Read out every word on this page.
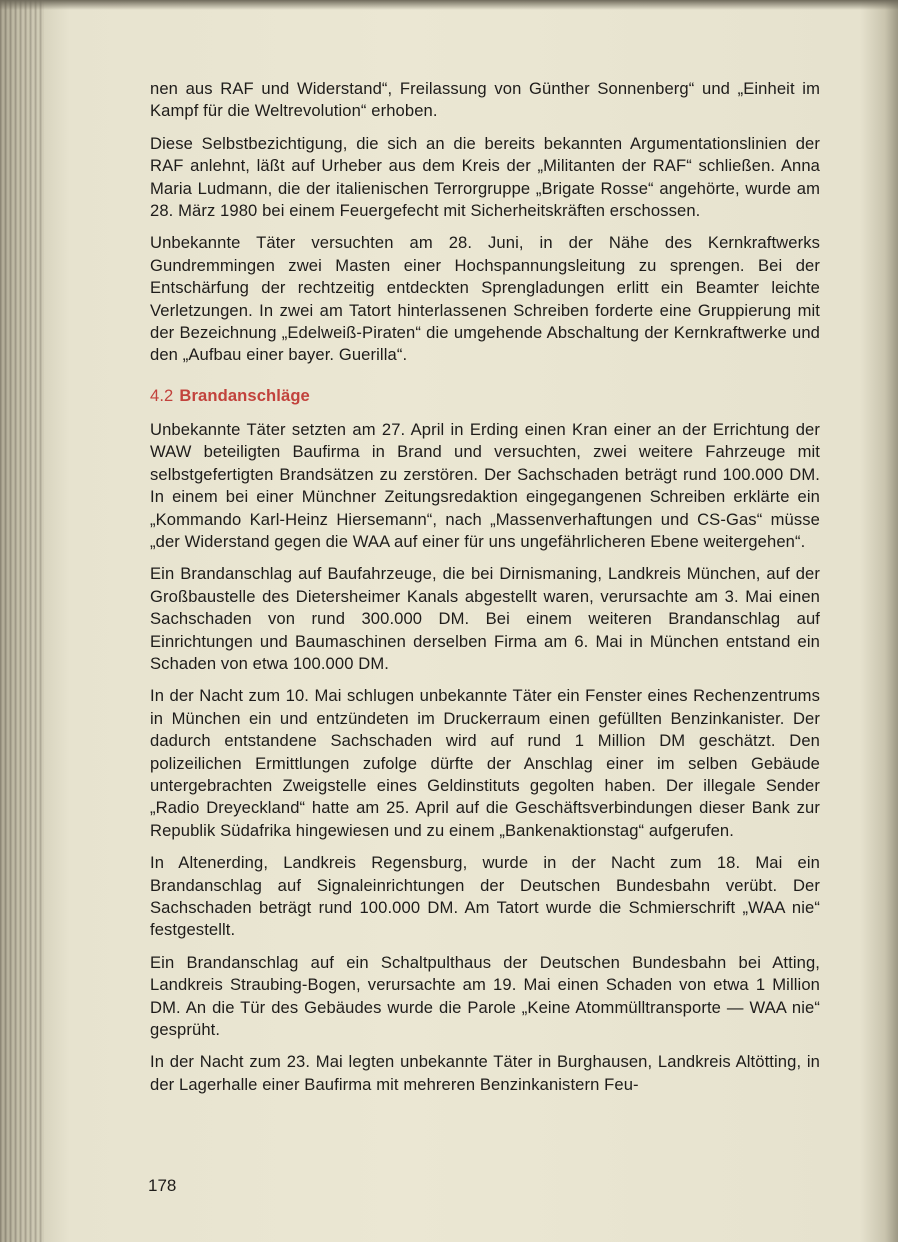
nen aus RAF und Widerstand“, Freilassung von Günther Sonnenberg“ und „Einheit im Kampf für die Weltrevolution“ erhoben.

Diese Selbstbezichtigung, die sich an die bereits bekannten Argumentationslinien der RAF anlehnt, läßt auf Urheber aus dem Kreis der „Militanten der RAF“ schließen. Anna Maria Ludmann, die der italienischen Terrorgruppe „Brigate Rosse“ angehörte, wurde am 28. März 1980 bei einem Feuergefecht mit Sicherheitskräften erschossen.

Unbekannte Täter versuchten am 28. Juni, in der Nähe des Kernkraftwerks Gundremmingen zwei Masten einer Hochspannungsleitung zu sprengen. Bei der Entschärfung der rechtzeitig entdeckten Sprengladungen erlitt ein Beamter leichte Verletzungen. In zwei am Tatort hinterlassenen Schreiben forderte eine Gruppierung mit der Bezeichnung „Edelweiß-Piraten“ die umgehende Abschaltung der Kernkraftwerke und den „Aufbau einer bayer. Guerilla“.

4.2 Brandanschläge

Unbekannte Täter setzten am 27. April in Erding einen Kran einer an der Errichtung der WAW beteiligten Baufirma in Brand und versuchten, zwei weitere Fahrzeuge mit selbstgefertigten Brandsätzen zu zerstören. Der Sachschaden beträgt rund 100.000 DM. In einem bei einer Münchner Zeitungsredaktion eingegangenen Schreiben erklärte ein „Kommando Karl-Heinz Hiersemann“, nach „Massenverhaftungen und CS-Gas“ müsse „der Widerstand gegen die WAA auf einer für uns ungefährlicheren Ebene weitergehen“.

Ein Brandanschlag auf Baufahrzeuge, die bei Dirnismaning, Landkreis München, auf der Großbaustelle des Dietersheimer Kanals abgestellt waren, verursachte am 3. Mai einen Sachschaden von rund 300.000 DM. Bei einem weiteren Brandanschlag auf Einrichtungen und Baumaschinen derselben Firma am 6. Mai in München entstand ein Schaden von etwa 100.000 DM.

In der Nacht zum 10. Mai schlugen unbekannte Täter ein Fenster eines Rechenzentrums in München ein und entzündeten im Druckerraum einen gefüllten Benzinkanister. Der dadurch entstandene Sachschaden wird auf rund 1 Million DM geschätzt. Den polizeilichen Ermittlungen zufolge dürfte der Anschlag einer im selben Gebäude untergebrachten Zweigstelle eines Geldinstituts gegolten haben. Der illegale Sender „Radio Dreyeckland“ hatte am 25. April auf die Geschäftsverbindungen dieser Bank zur Republik Südafrika hingewiesen und zu einem „Bankenaktionstag“ aufgerufen.

In Altenerding, Landkreis Regensburg, wurde in der Nacht zum 18. Mai ein Brandanschlag auf Signaleinrichtungen der Deutschen Bundesbahn verübt. Der Sachschaden beträgt rund 100.000 DM. Am Tatort wurde die Schmierschrift „WAA nie“ festgestellt.

Ein Brandanschlag auf ein Schaltpulthaus der Deutschen Bundesbahn bei Atting, Landkreis Straubing-Bogen, verursachte am 19. Mai einen Schaden von etwa 1 Million DM. An die Tür des Gebäudes wurde die Parole „Keine Atommülltransporte — WAA nie“ gesprüht.

In der Nacht zum 23. Mai legten unbekannte Täter in Burghausen, Landkreis Altötting, in der Lagerhalle einer Baufirma mit mehreren Benzinkanistern Feu-

178
